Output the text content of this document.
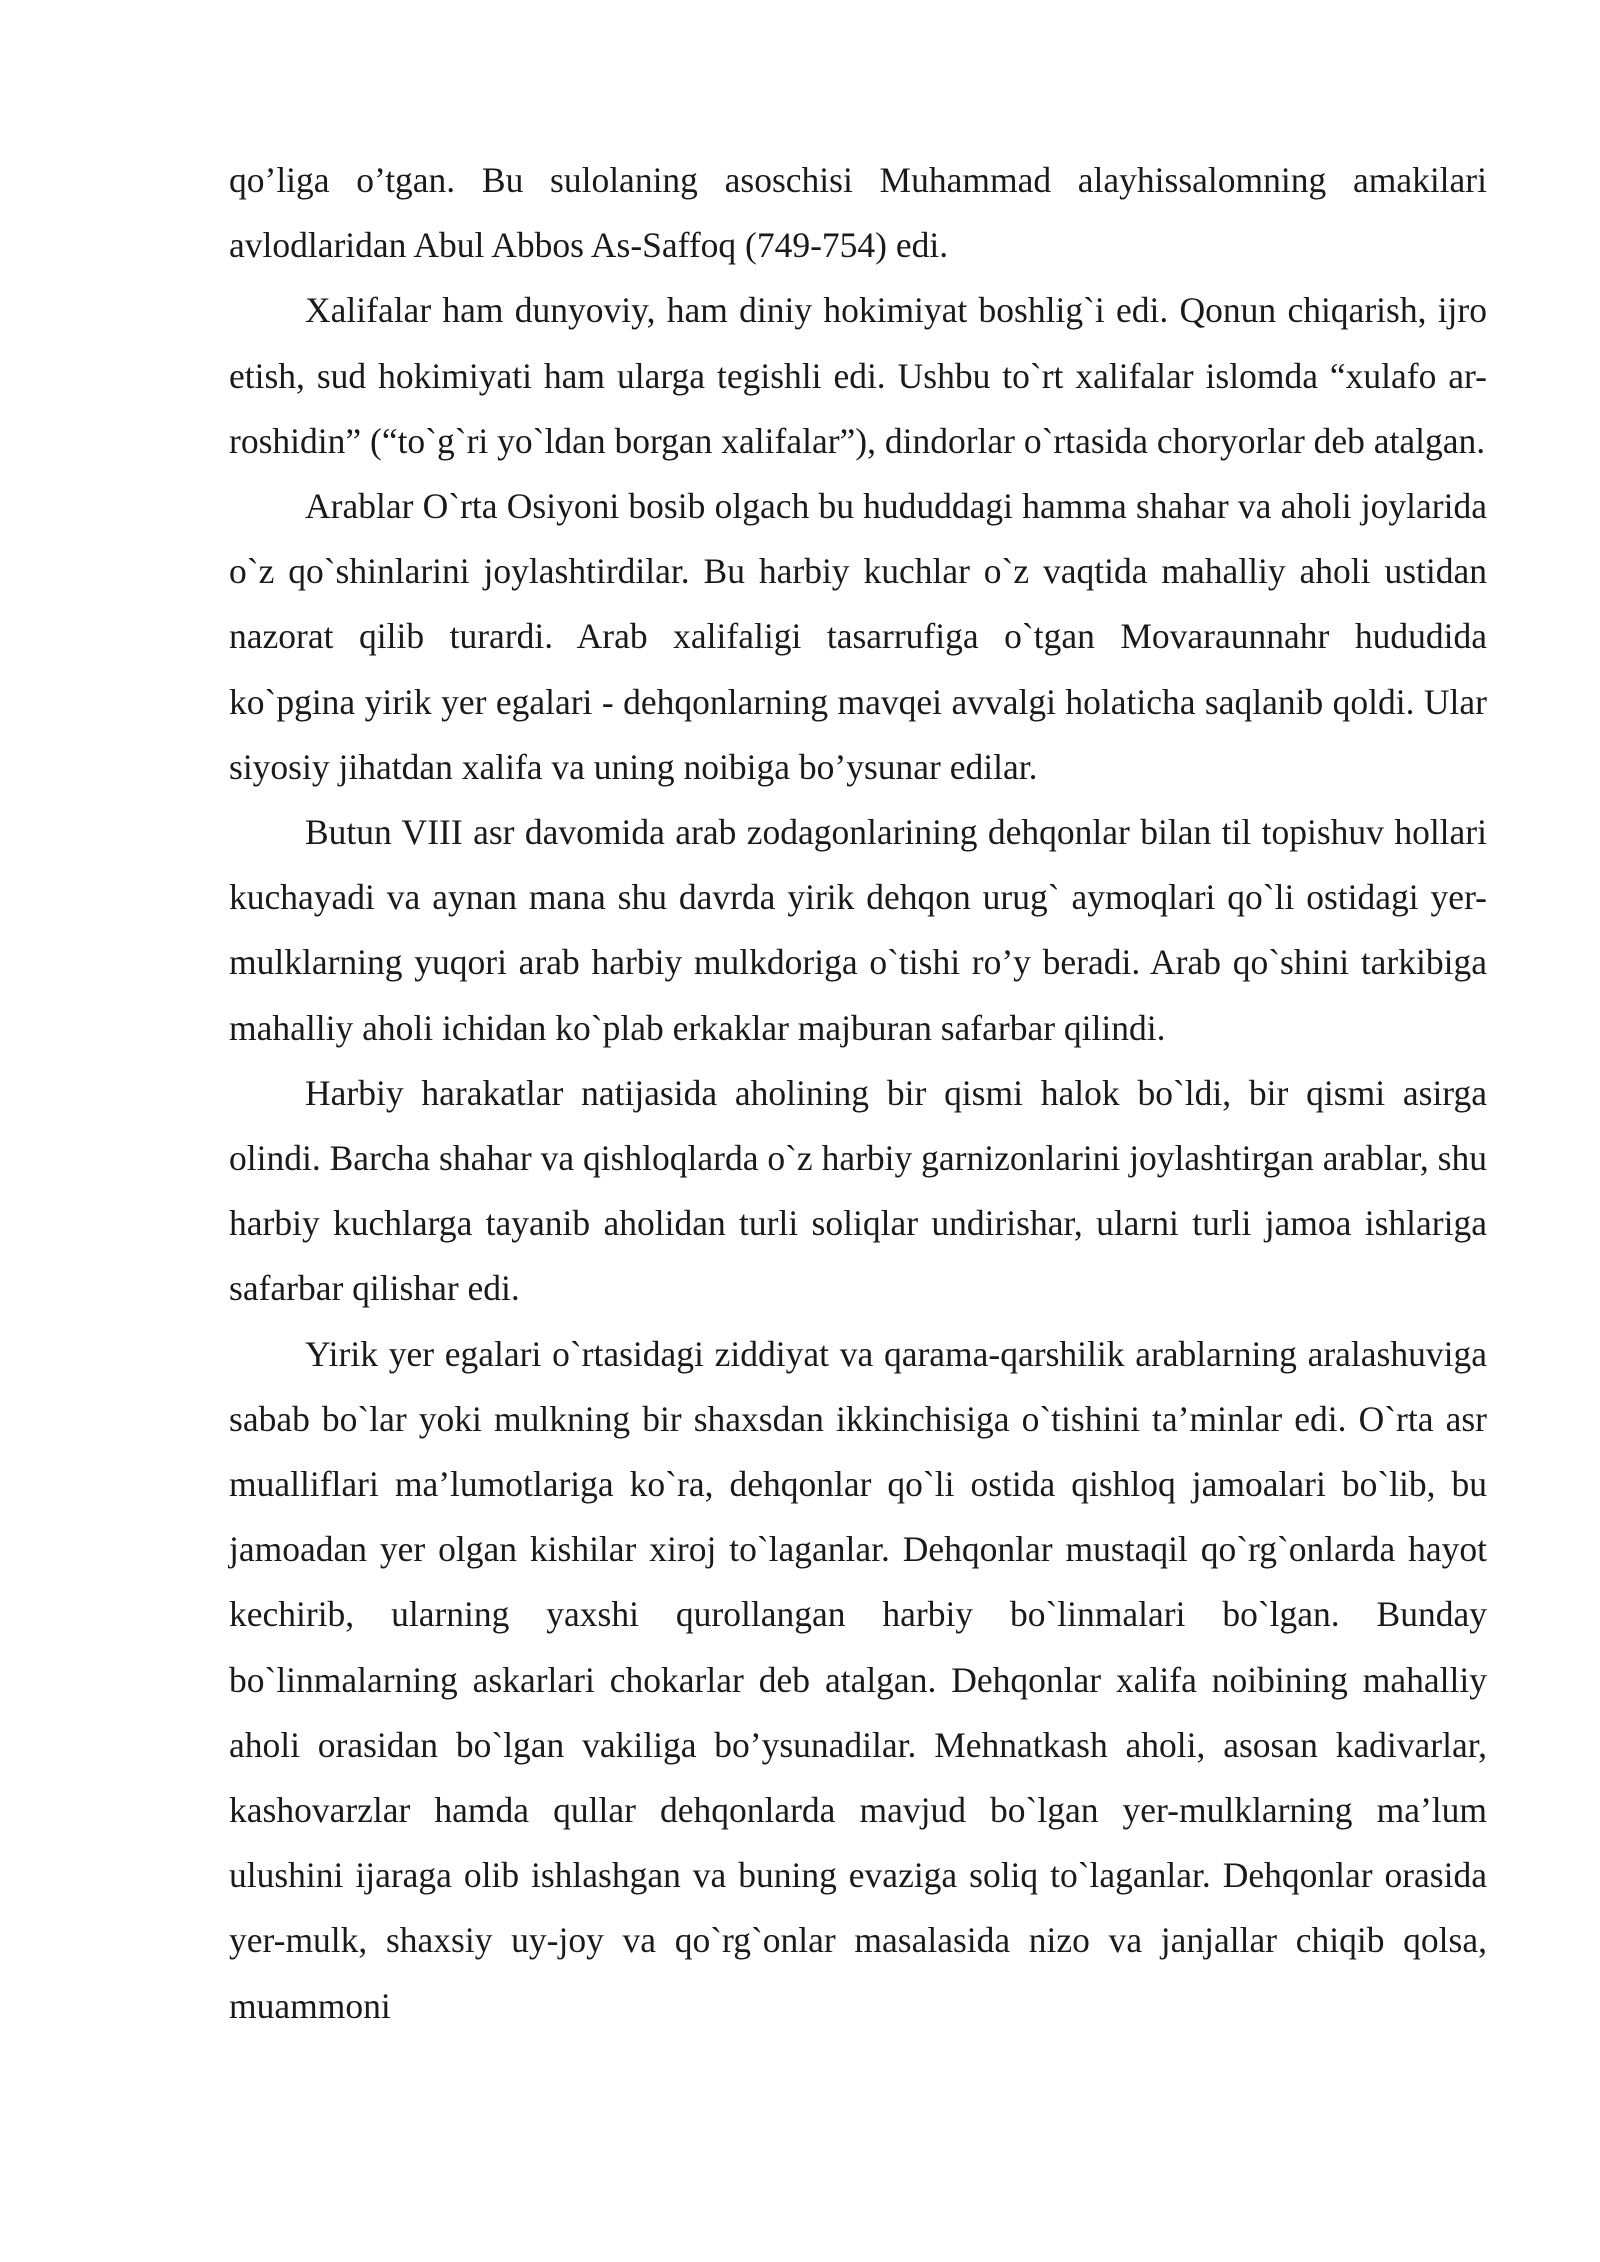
qo’liga o’tgan. Bu sulolaning asoschisi Muhammad alayhissalomning amakilari avlodlaridan Abul Abbos As-Saffoq (749-754) edi.

Xalifalar ham dunyoviy, ham diniy hokimiyat boshlig`i edi. Qonun chiqarish, ijro etish, sud hokimiyati ham ularga tegishli edi. Ushbu to`rt xalifalar islomda “xulafo ar-roshidin” (“to`g`ri yo`ldan borgan xalifalar”), dindorlar o`rtasida choryorlar deb atalgan.

Arablar O`rta Osiyoni bosib olgach bu hududdagi hamma shahar va aholi joylarida o`z qo`shinlarini joylashtirdilar. Bu harbiy kuchlar o`z vaqtida mahalliy aholi ustidan nazorat qilib turardi. Arab xalifaligi tasarrufiga o`tgan Movaraunnahr hududida ko`pgina yirik yer egalari - dehqonlarning mavqei avvalgi holaticha saqlanib qoldi. Ular siyosiy jihatdan xalifa va uning noibiga bo’ysunar edilar.

Butun VIII asr davomida arab zodagonlarining dehqonlar bilan til topishuv hollari kuchayadi va aynan mana shu davrda yirik dehqon urug` aymoqlari qo`li ostidagi yer-mulklarning yuqori arab harbiy mulkdoriga o`tishi ro’y beradi. Arab qo`shini tarkibiga mahalliy aholi ichidan ko`plab erkaklar majburan safarbar qilindi.

Harbiy harakatlar natijasida aholining bir qismi halok bo`ldi, bir qismi asirga olindi. Barcha shahar va qishloqlarda o`z harbiy garnizonlarini joylashtirgan arablar, shu harbiy kuchlarga tayanib aholidan turli soliqlar undirishar, ularni turli jamoa ishlariga safarbar qilishar edi.

Yirik yer egalari o`rtasidagi ziddiyat va qarama-qarshilik arablarning aralashuviga sabab bo`lar yoki mulkning bir shaxsdan ikkinchisiga o`tishini ta’minlar edi. O`rta asr mualliflari ma’lumotlariga ko`ra, dehqonlar qo`li ostida qishloq jamoalari bo`lib, bu jamoadan yer olgan kishilar xiroj to`laganlar. Dehqonlar mustaqil qo`rg`onlarda hayot kechirib, ularning yaxshi qurollangan harbiy bo`linmalari bo`lgan. Bunday bo`linmalarning askarlari chokarlar deb atalgan. Dehqonlar xalifa noibining mahalliy aholi orasidan bo`lgan vakiliga bo’ysunadilar. Mehnatkash aholi, asosan kadivarlar, kashovarzlar hamda qullar dehqonlarda mavjud bo`lgan yer-mulklarning ma’lum ulushini ijaraga olib ishlashgan va buning evaziga soliq to`laganlar. Dehqonlar orasida yer-mulk, shaxsiy uy-joy va qo`rg`onlar masalasida nizo va janjallar chiqib qolsa, muammoni
